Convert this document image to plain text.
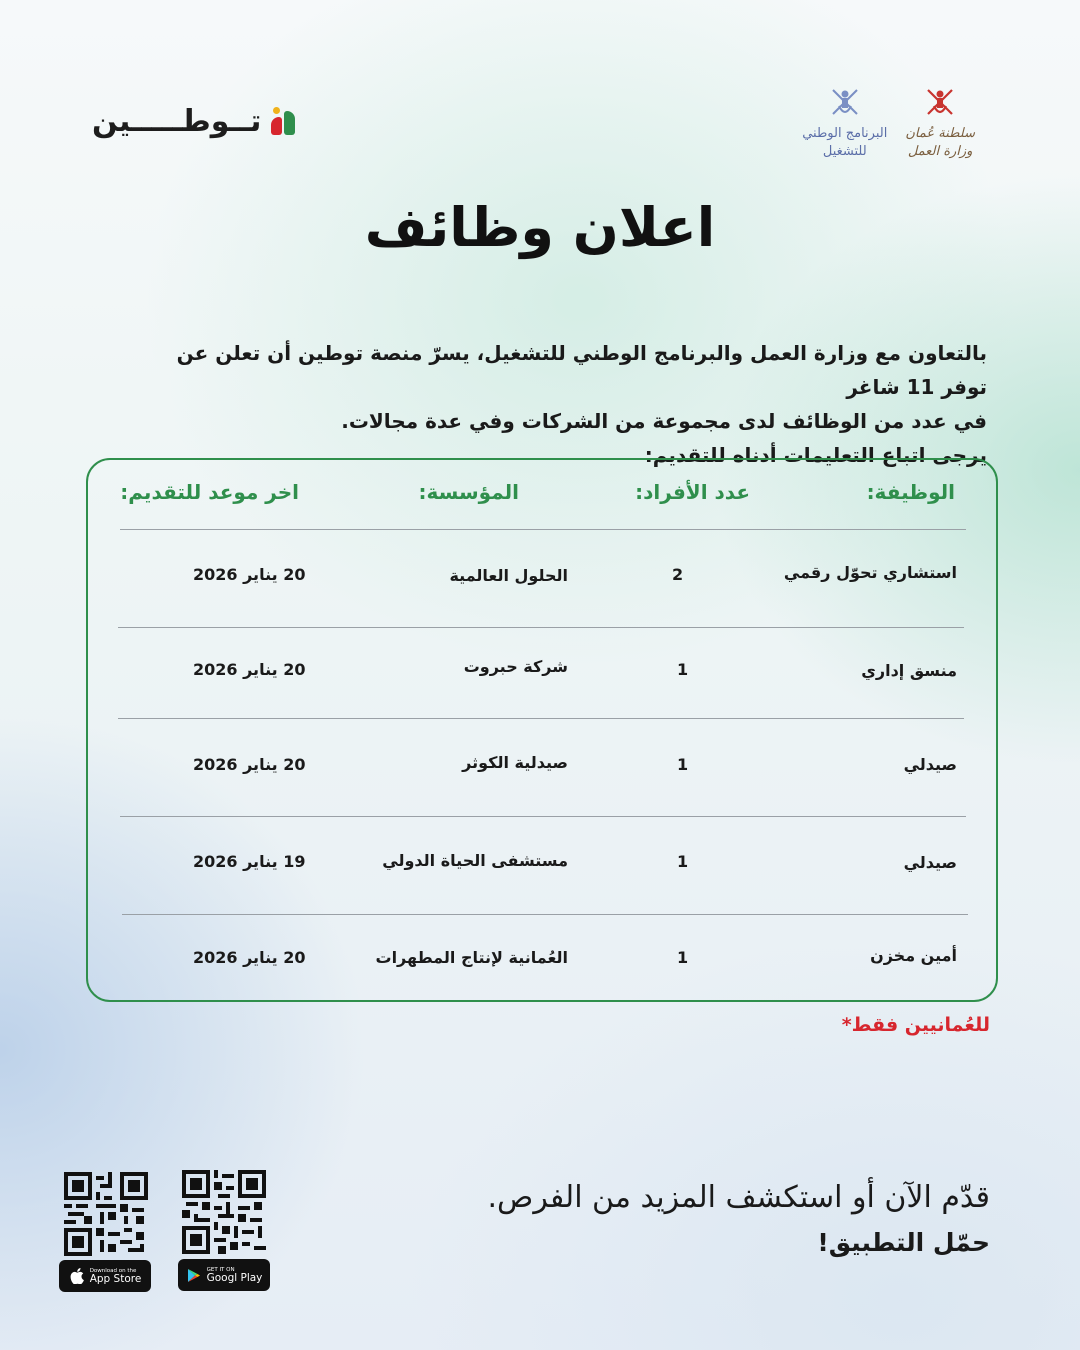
تــوطـــــين	البرنامج الوطني
للتشغيل
سلطنة عُمان
وزارة العمل
اعلان وظائف

بالتعاون مع وزارة العمل والبرنامج الوطني للتشغيل، يسرّ منصة توطين أن تعلن عن توفر 11 شاغر

في عدد من الوظائف لدى مجموعة من الشركات وفي عدة مجالات.

يرجى اتباع التعليمات أدناه للتقديم:

الوظيفة:
عدد الأفراد:
المؤسسة:
اخر موعد للتقديم:
استشاري تحوّل رقمي
2
الحلول العالمية
20 يناير 2026
منسق إداري
1
شركة حبروت
20 يناير 2026
صيدلي
1
صيدلية الكوثر
20 يناير 2026
صيدلي
1
مستشفى الحياة الدولي
19 يناير 2026
أمين مخزن
1
العُمانية لإنتاج المطهرات
20 يناير 2026
للعُمانيين فقط*
قدّم الآن أو استكشف المزيد من الفرص.
حمّل التطبيق!
Download on the
App Store
GET IT ON
Googl Play
